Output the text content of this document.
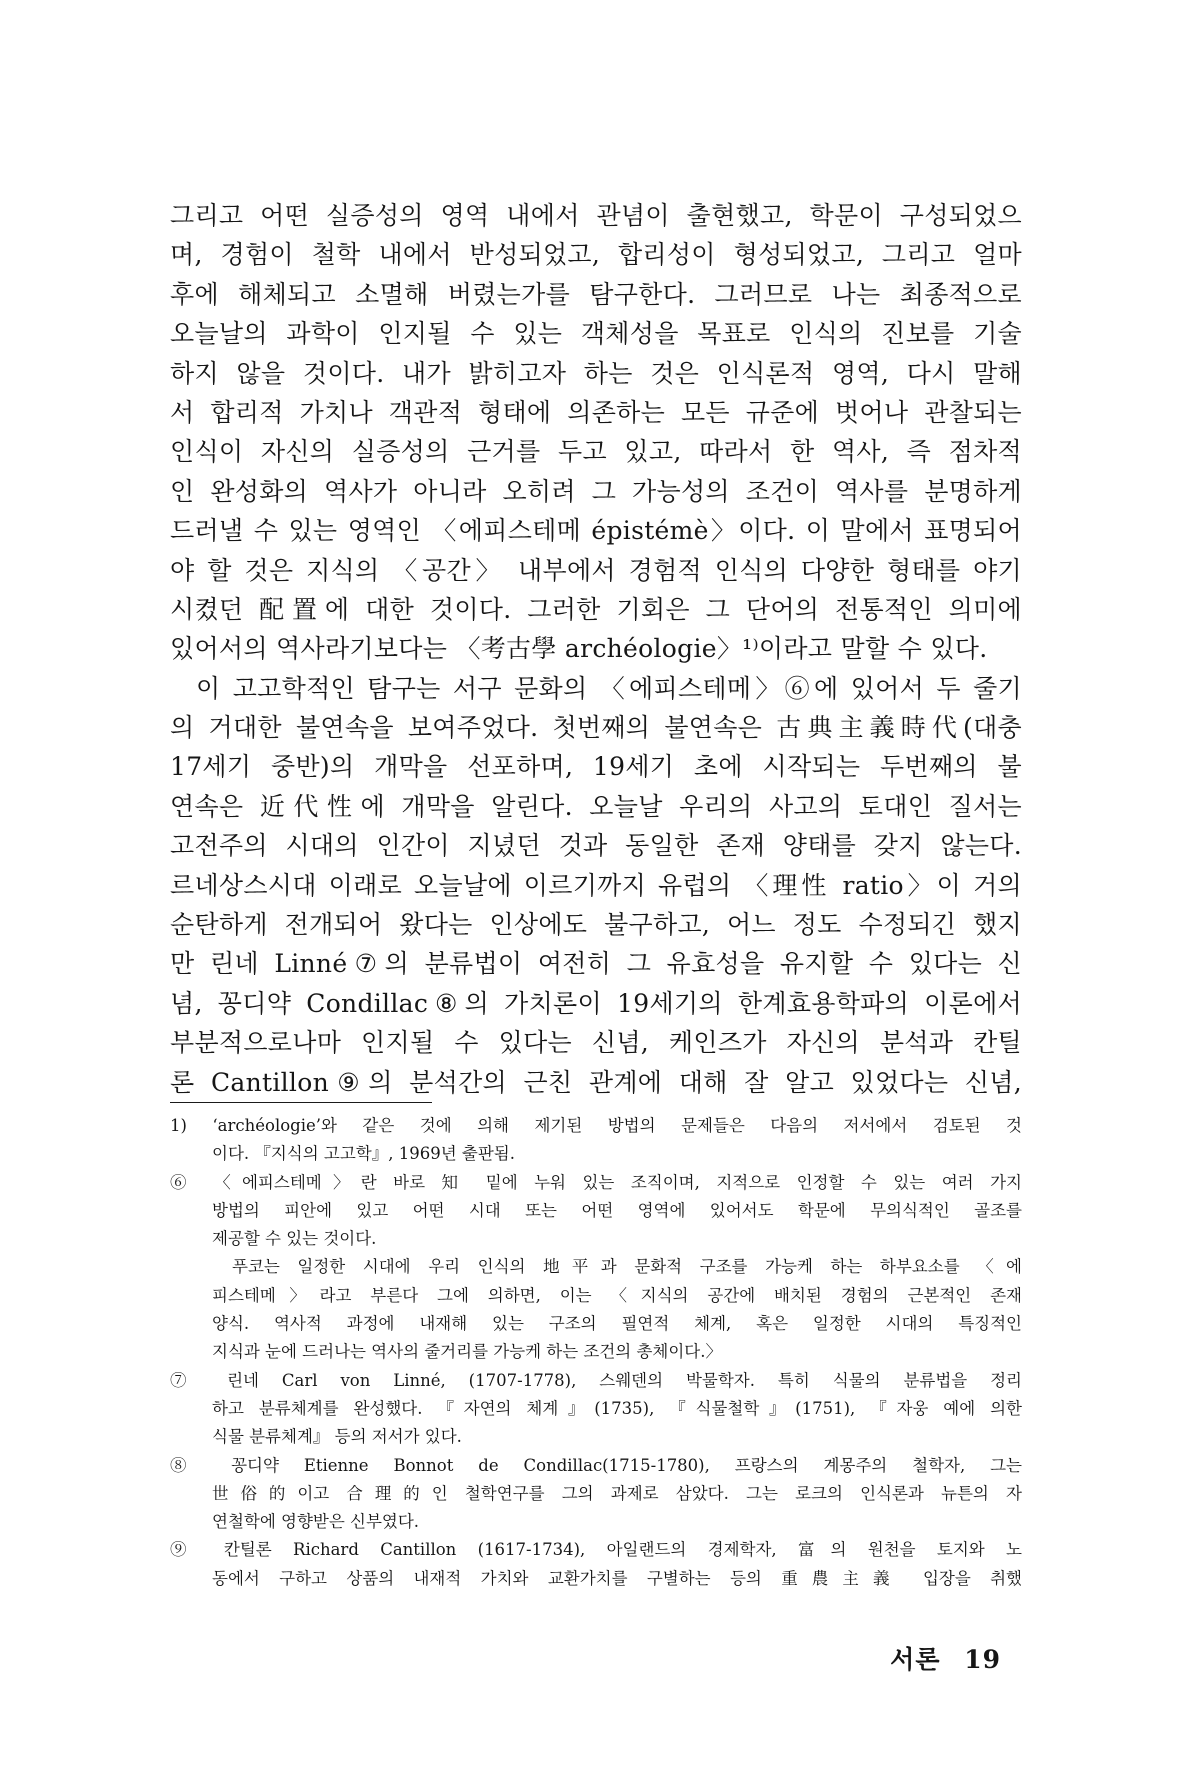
그리고 어떤 실증성의 영역 내에서 관념이 출현했고, 학문이 구성되었으
며, 경험이 철학 내에서 반성되었고, 합리성이 형성되었고, 그리고 얼마
후에 해체되고 소멸해 버렸는가를 탐구한다. 그러므로 나는 최종적으로
오늘날의 과학이 인지될 수 있는 객체성을 목표로 인식의 진보를 기술
하지 않을 것이다. 내가 밝히고자 하는 것은 인식론적 영역, 다시 말해
서 합리적 가치나 객관적 형태에 의존하는 모든 규준에 벗어나 관찰되는
인식이 자신의 실증성의 근거를 두고 있고, 따라서 한 역사, 즉 점차적
인 완성화의 역사가 아니라 오히려 그 가능성의 조건이 역사를 분명하게
드러낼 수 있는 영역인 〈에피스테메 épistémè〉이다. 이 말에서 표명되어
야 할 것은 지식의 〈공간〉 내부에서 경험적 인식의 다양한 형태를 야기
시켰던 配置에 대한 것이다. 그러한 기회은 그 단어의 전통적인 의미에
있어서의 역사라기보다는 〈考古學 archéologie〉¹⁾이라고 말할 수 있다.
이 고고학적인 탐구는 서구 문화의 〈에피스테메〉⑥에 있어서 두 줄기
의 거대한 불연속을 보여주었다. 첫번째의 불연속은 古典主義時代(대충
17세기 중반)의 개막을 선포하며, 19세기 초에 시작되는 두번째의 불
연속은 近代性에 개막을 알린다. 오늘날 우리의 사고의 토대인 질서는
고전주의 시대의 인간이 지녔던 것과 동일한 존재 양태를 갖지 않는다.
르네상스시대 이래로 오늘날에 이르기까지 유럽의 〈理性 ratio〉이 거의
순탄하게 전개되어 왔다는 인상에도 불구하고, 어느 정도 수정되긴 했지
만 린네 Linné⑦의 분류법이 여전히 그 유효성을 유지할 수 있다는 신
념, 꽁디약 Condillac⑧의 가치론이 19세기의 한계효용학파의 이론에서
부분적으로나마 인지될 수 있다는 신념, 케인즈가 자신의 분석과 칸틸
론 Cantillon⑨의 분석간의 근친 관계에 대해 잘 알고 있었다는 신념,
1) ‘archéologie’와 같은 것에 의해 제기된 방법의 문제들은 다음의 저서에서 검토된 것
이다. 『지식의 고고학』, 1969년 출판됨.
⑥ 〈에피스테메〉란 바로 知 밑에 누워 있는 조직이며, 지적으로 인정할 수 있는 여러 가지
방법의 피안에 있고 어떤 시대 또는 어떤 영역에 있어서도 학문에 무의식적인 골조를
제공할 수 있는 것이다.
푸코는 일정한 시대에 우리 인식의 地平과 문화적 구조를 가능케 하는 하부요소를 〈에
피스테메〉라고 부른다 그에 의하면, 이는 〈지식의 공간에 배치된 경험의 근본적인 존재
양식. 역사적 과정에 내재해 있는 구조의 필연적 체계, 혹은 일정한 시대의 특징적인
지식과 눈에 드러나는 역사의 줄거리를 가능케 하는 조건의 총체이다.〉
⑦ 린네 Carl von Linné, (1707-1778), 스웨덴의 박물학자. 특히 식물의 분류법을 정리
하고 분류체계를 완성했다. 『자연의 체계』(1735), 『식물철학』(1751), 『자웅 예에 의한
식물 분류체계』 등의 저서가 있다.
⑧ 꽁디약 Etienne Bonnot de Condillac(1715-1780), 프랑스의 계몽주의 철학자, 그는
世俗的이고 合理的인 철학연구를 그의 과제로 삼았다. 그는 로크의 인식론과 뉴튼의 자
연철학에 영향받은 신부였다.
⑨ 칸틸론 Richard Cantillon (1617-1734), 아일랜드의 경제학자, 富의 원천을 토지와 노
동에서 구하고 상품의 내재적 가치와 교환가치를 구별하는 등의 重農主義 입장을 취했
서론 19
